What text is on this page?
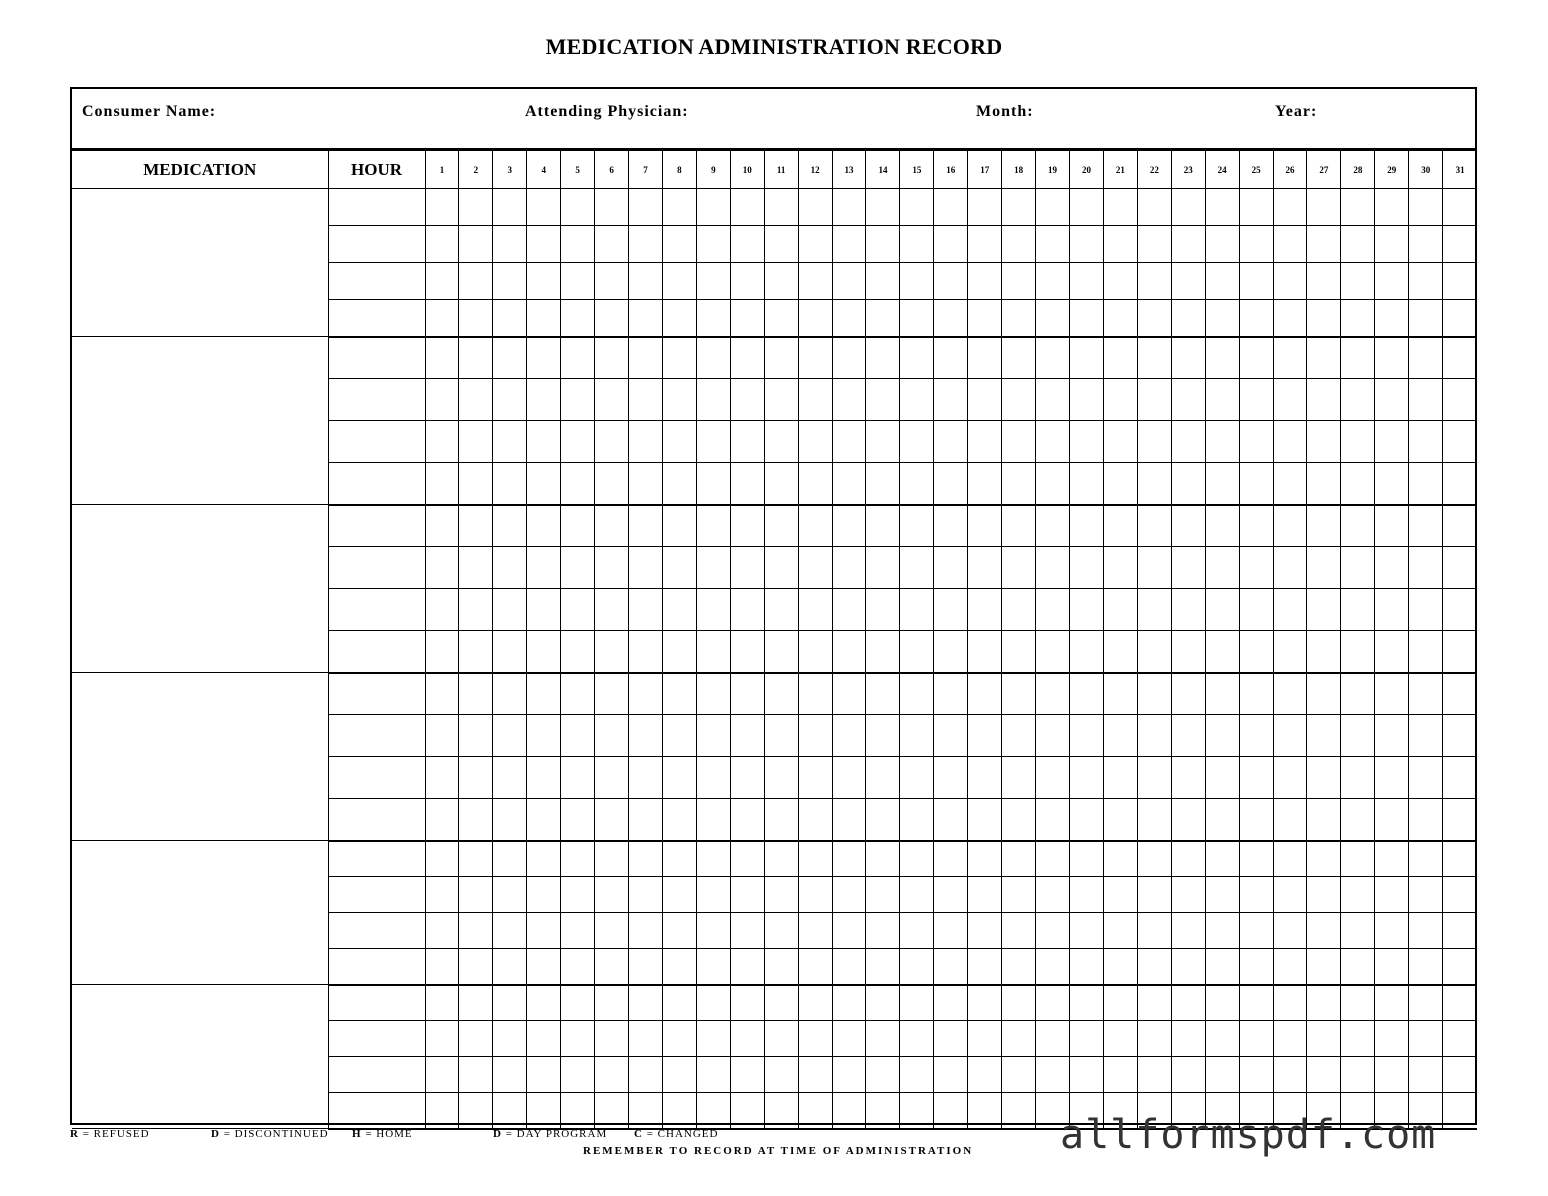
MEDICATION ADMINISTRATION RECORD
Consumer Name:	Attending Physician:	Month:	Year:
MEDICATION	HOUR	1	2	3	4	5	6	7	8	9	10	11	12	13	14	15	16	17	18	19	20	21	22	23	24	25	26	27	28	29	30	31

R = REFUSED	D = DISCONTINUED H = HOME	D = DAY PROGRAM C = CHANGED
REMEMBER TO RECORD AT TIME OF ADMINISTRATION allformspdf.com
